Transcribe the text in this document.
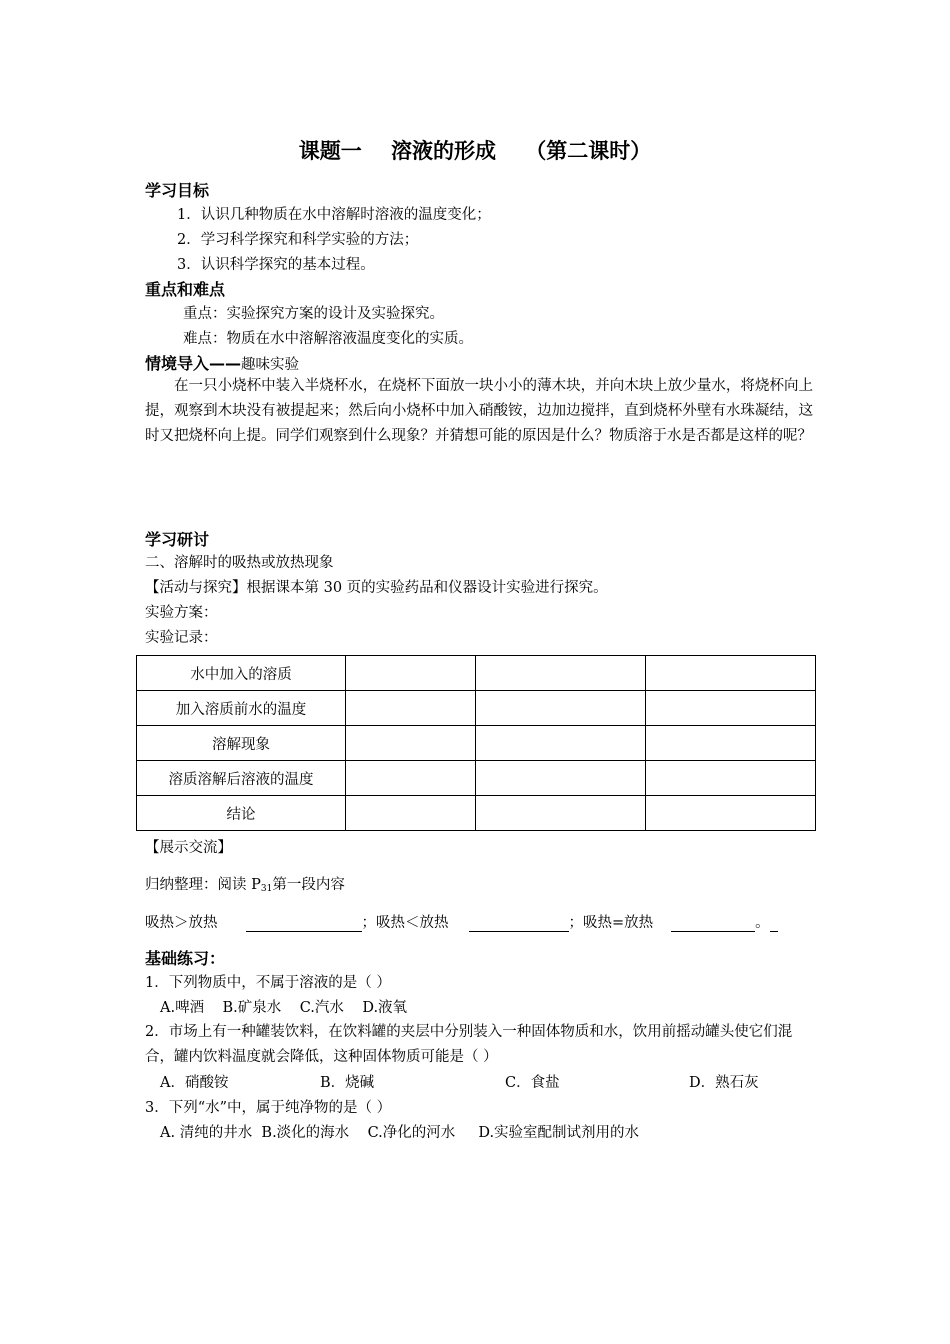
课题一    溶液的形成    （第二课时）
学习目标
1．认识几种物质在水中溶解时溶液的温度变化；
2．学习科学探究和科学实验的方法；
3．认识科学探究的基本过程。
重点和难点
重点：实验探究方案的设计及实验探究。
难点：物质在水中溶解溶液温度变化的实质。
情境导入——趣味实验
在一只小烧杯中装入半烧杯水，在烧杯下面放一块小小的薄木块，并向木块上放少量水，将烧杯向上提，观察到木块没有被提起来；然后向小烧杯中加入硝酸铵，边加边搅拌，直到烧杯外壁有水珠凝结，这时又把烧杯向上提。同学们观察到什么现象？并猜想可能的原因是什么？物质溶于水是否都是这样的呢？
学习研讨
二、溶解时的吸热或放热现象
【活动与探究】根据课本第 30 页的实验药品和仪器设计实验进行探究。
实验方案：
实验记录：
水中加入的溶质			
加入溶质前水的温度			
溶解现象			
溶质溶解后溶液的温度			
结论			
【展示交流】
归纳整理：阅读 $P_{31}$第一段内容
吸热＞放热	；吸热＜放热	；吸热=放热	。
基础练习：
1．下列物质中，不属于溶液的是（ ）
A.啤酒    B.矿泉水    C.汽水    D.液氧
2．市场上有一种罐装饮料，在饮料罐的夹层中分别装入一种固体物质和水，饮用前摇动罐头使它们混合，罐内饮料温度就会降低，这种固体物质可能是（ ）
A．硝酸铵	B．烧碱	C．食盐	D．熟石灰
3．下列“水”中，属于纯净物的是（ ）
A. 清纯的井水  B.淡化的海水    C.净化的河水     D.实验室配制试剂用的水
